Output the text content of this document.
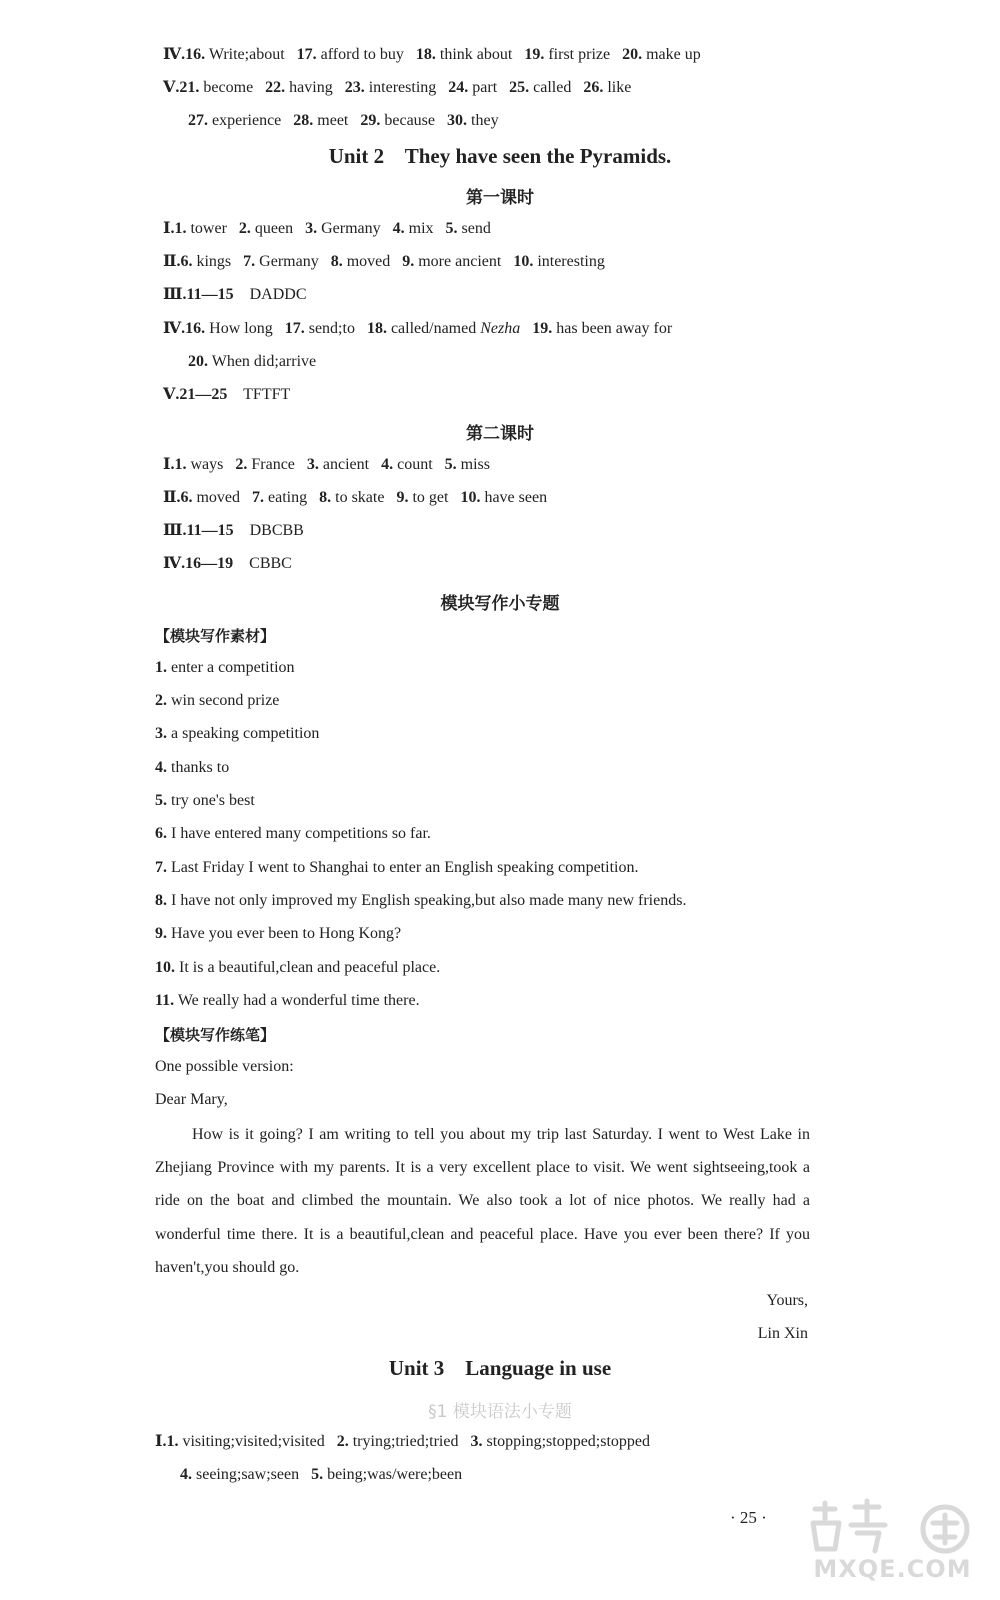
Ⅳ.16. Write;about 17. afford to buy 18. think about 19. first prize 20. make up
Ⅴ.21. become 22. having 23. interesting 24. part 25. called 26. like
27. experience 28. meet 29. because 30. they
Unit 2    They have seen the Pyramids.
第一课时
Ⅰ.1. tower 2. queen 3. Germany 4. mix 5. send
Ⅱ.6. kings 7. Germany 8. moved 9. more ancient 10. interesting
Ⅲ.11—15 DADDC
Ⅳ.16. How long 17. send;to 18. called/named Nezha 19. has been away for
20. When did;arrive
Ⅴ.21—25 TFTFT
第二课时
Ⅰ.1. ways 2. France 3. ancient 4. count 5. miss
Ⅱ.6. moved 7. eating 8. to skate 9. to get 10. have seen
Ⅲ.11—15 DBCBB
Ⅳ.16—19 CBBC
模块写作小专题
【模块写作素材】
1. enter a competition
2. win second prize
3. a speaking competition
4. thanks to
5. try one's best
6. I have entered many competitions so far.
7. Last Friday I went to Shanghai to enter an English speaking competition.
8. I have not only improved my English speaking,but also made many new friends.
9. Have you ever been to Hong Kong?
10. It is a beautiful,clean and peaceful place.
11. We really had a wonderful time there.
【模块写作练笔】
One possible version:
Dear Mary,
How is it going? I am writing to tell you about my trip last Saturday. I went to West Lake in Zhejiang Province with my parents. It is a very excellent place to visit. We went sightseeing,took a ride on the boat and climbed the mountain. We also took a lot of nice photos. We really had a wonderful time there. It is a beautiful,clean and peaceful place. Have you ever been there? If you haven't,you should go.
Yours,
Lin Xin
Unit 3    Language in use
§1 模块语法小专题
Ⅰ.1. visiting;visited;visited 2. trying;tried;tried 3. stopping;stopped;stopped
4. seeing;saw;seen 5. being;was/were;been
· 25 ·
MXQE.COM
